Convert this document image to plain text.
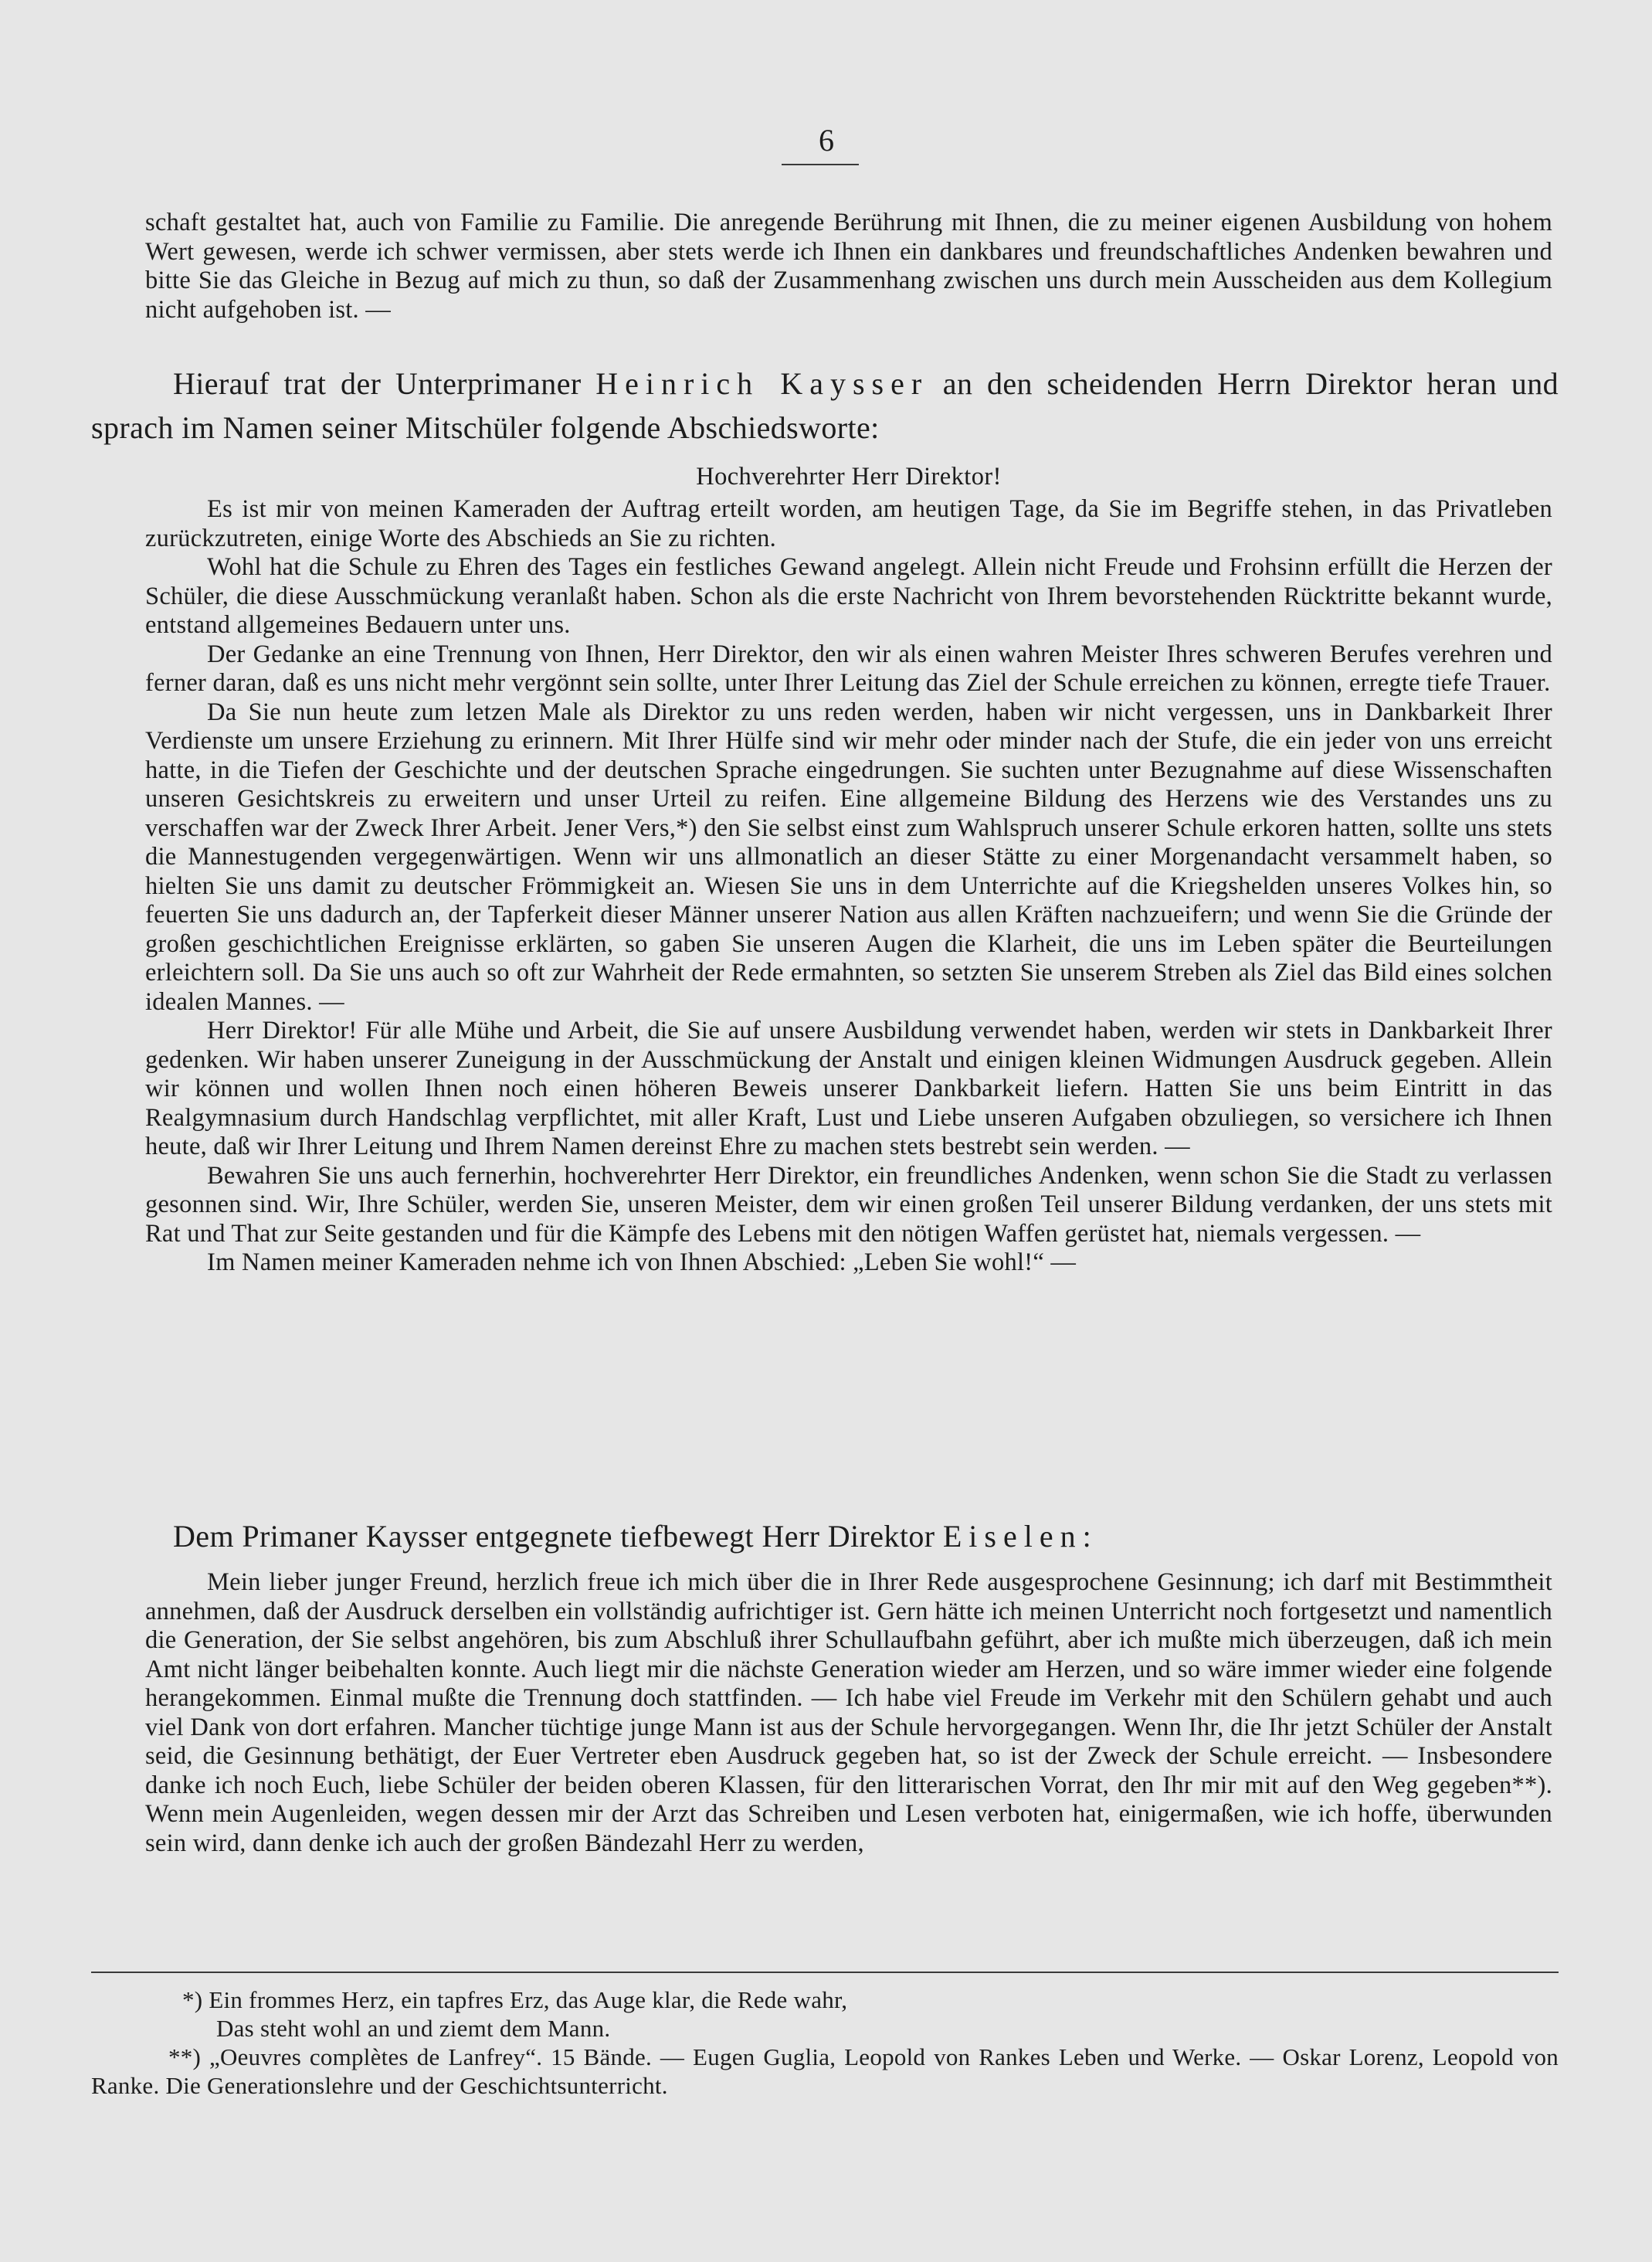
6

schaft gestaltet hat, auch von Familie zu Familie. Die anregende Berührung mit Ihnen, die zu meiner eigenen Ausbildung von hohem Wert gewesen, werde ich schwer vermissen, aber stets werde ich Ihnen ein dankbares und freundschaftliches Andenken bewahren und bitte Sie das Gleiche in Bezug auf mich zu thun, so daß der Zusammenhang zwischen uns durch mein Ausscheiden aus dem Kollegium nicht aufgehoben ist. —

Hierauf trat der Unterprimaner Heinrich Kaysser an den scheidenden Herrn Direktor heran und sprach im Namen seiner Mitschüler folgende Abschiedsworte:
Hochverehrter Herr Direktor!

Es ist mir von meinen Kameraden der Auftrag erteilt worden, am heutigen Tage, da Sie im Begriffe stehen, in das Privatleben zurückzutreten, einige Worte des Abschieds an Sie zu richten.

Wohl hat die Schule zu Ehren des Tages ein festliches Gewand angelegt. Allein nicht Freude und Frohsinn erfüllt die Herzen der Schüler, die diese Ausschmückung veranlaßt haben. Schon als die erste Nachricht von Ihrem bevorstehenden Rücktritte bekannt wurde, entstand allgemeines Bedauern unter uns.

Der Gedanke an eine Trennung von Ihnen, Herr Direktor, den wir als einen wahren Meister Ihres schweren Berufes verehren und ferner daran, daß es uns nicht mehr vergönnt sein sollte, unter Ihrer Leitung das Ziel der Schule erreichen zu können, erregte tiefe Trauer.

Da Sie nun heute zum letzen Male als Direktor zu uns reden werden, haben wir nicht vergessen, uns in Dankbarkeit Ihrer Verdienste um unsere Erziehung zu erinnern. Mit Ihrer Hülfe sind wir mehr oder minder nach der Stufe, die ein jeder von uns erreicht hatte, in die Tiefen der Geschichte und der deutschen Sprache eingedrungen. Sie suchten unter Bezugnahme auf diese Wissenschaften unseren Gesichtskreis zu erweitern und unser Urteil zu reifen. Eine allgemeine Bildung des Herzens wie des Verstandes uns zu verschaffen war der Zweck Ihrer Arbeit. Jener Vers,*) den Sie selbst einst zum Wahlspruch unserer Schule erkoren hatten, sollte uns stets die Mannestugenden vergegenwärtigen. Wenn wir uns allmonatlich an dieser Stätte zu einer Morgenandacht versammelt haben, so hielten Sie uns damit zu deutscher Frömmigkeit an. Wiesen Sie uns in dem Unterrichte auf die Kriegshelden unseres Volkes hin, so feuerten Sie uns dadurch an, der Tapferkeit dieser Männer unserer Nation aus allen Kräften nachzueifern; und wenn Sie die Gründe der großen geschichtlichen Ereignisse erklärten, so gaben Sie unseren Augen die Klarheit, die uns im Leben später die Beurteilungen erleichtern soll. Da Sie uns auch so oft zur Wahrheit der Rede ermahnten, so setzten Sie unserem Streben als Ziel das Bild eines solchen idealen Mannes. —

Herr Direktor! Für alle Mühe und Arbeit, die Sie auf unsere Ausbildung verwendet haben, werden wir stets in Dankbarkeit Ihrer gedenken. Wir haben unserer Zuneigung in der Ausschmückung der Anstalt und einigen kleinen Widmungen Ausdruck gegeben. Allein wir können und wollen Ihnen noch einen höheren Beweis unserer Dankbarkeit liefern. Hatten Sie uns beim Eintritt in das Realgymnasium durch Handschlag verpflichtet, mit aller Kraft, Lust und Liebe unseren Aufgaben obzuliegen, so versichere ich Ihnen heute, daß wir Ihrer Leitung und Ihrem Namen dereinst Ehre zu machen stets bestrebt sein werden. —

Bewahren Sie uns auch fernerhin, hochverehrter Herr Direktor, ein freundliches Andenken, wenn schon Sie die Stadt zu verlassen gesonnen sind. Wir, Ihre Schüler, werden Sie, unseren Meister, dem wir einen großen Teil unserer Bildung verdanken, der uns stets mit Rat und That zur Seite gestanden und für die Kämpfe des Lebens mit den nötigen Waffen gerüstet hat, niemals vergessen. —

Im Namen meiner Kameraden nehme ich von Ihnen Abschied: „Leben Sie wohl!“ —

Dem Primaner Kaysser entgegnete tiefbewegt Herr Direktor Eiselen:

Mein lieber junger Freund, herzlich freue ich mich über die in Ihrer Rede ausgesprochene Gesinnung; ich darf mit Bestimmtheit annehmen, daß der Ausdruck derselben ein vollständig aufrichtiger ist. Gern hätte ich meinen Unterricht noch fortgesetzt und namentlich die Generation, der Sie selbst angehören, bis zum Abschluß ihrer Schullaufbahn geführt, aber ich mußte mich überzeugen, daß ich mein Amt nicht länger beibehalten konnte. Auch liegt mir die nächste Generation wieder am Herzen, und so wäre immer wieder eine folgende herangekommen. Einmal mußte die Trennung doch stattfinden. — Ich habe viel Freude im Verkehr mit den Schülern gehabt und auch viel Dank von dort erfahren. Mancher tüchtige junge Mann ist aus der Schule hervorgegangen. Wenn Ihr, die Ihr jetzt Schüler der Anstalt seid, die Gesinnung bethätigt, der Euer Vertreter eben Ausdruck gegeben hat, so ist der Zweck der Schule erreicht. — Insbesondere danke ich noch Euch, liebe Schüler der beiden oberen Klassen, für den litterarischen Vorrat, den Ihr mir mit auf den Weg gegeben**). Wenn mein Augenleiden, wegen dessen mir der Arzt das Schreiben und Lesen verboten hat, einigermaßen, wie ich hoffe, überwunden sein wird, dann denke ich auch der großen Bändezahl Herr zu werden,

*) Ein frommes Herz, ein tapfres Erz, das Auge klar, die Rede wahr,

Das steht wohl an und ziemt dem Mann.

**) „Oeuvres complètes de Lanfrey“. 15 Bände. — Eugen Guglia, Leopold von Rankes Leben und Werke. — Oskar Lorenz, Leopold von Ranke. Die Generationslehre und der Geschichtsunterricht.
